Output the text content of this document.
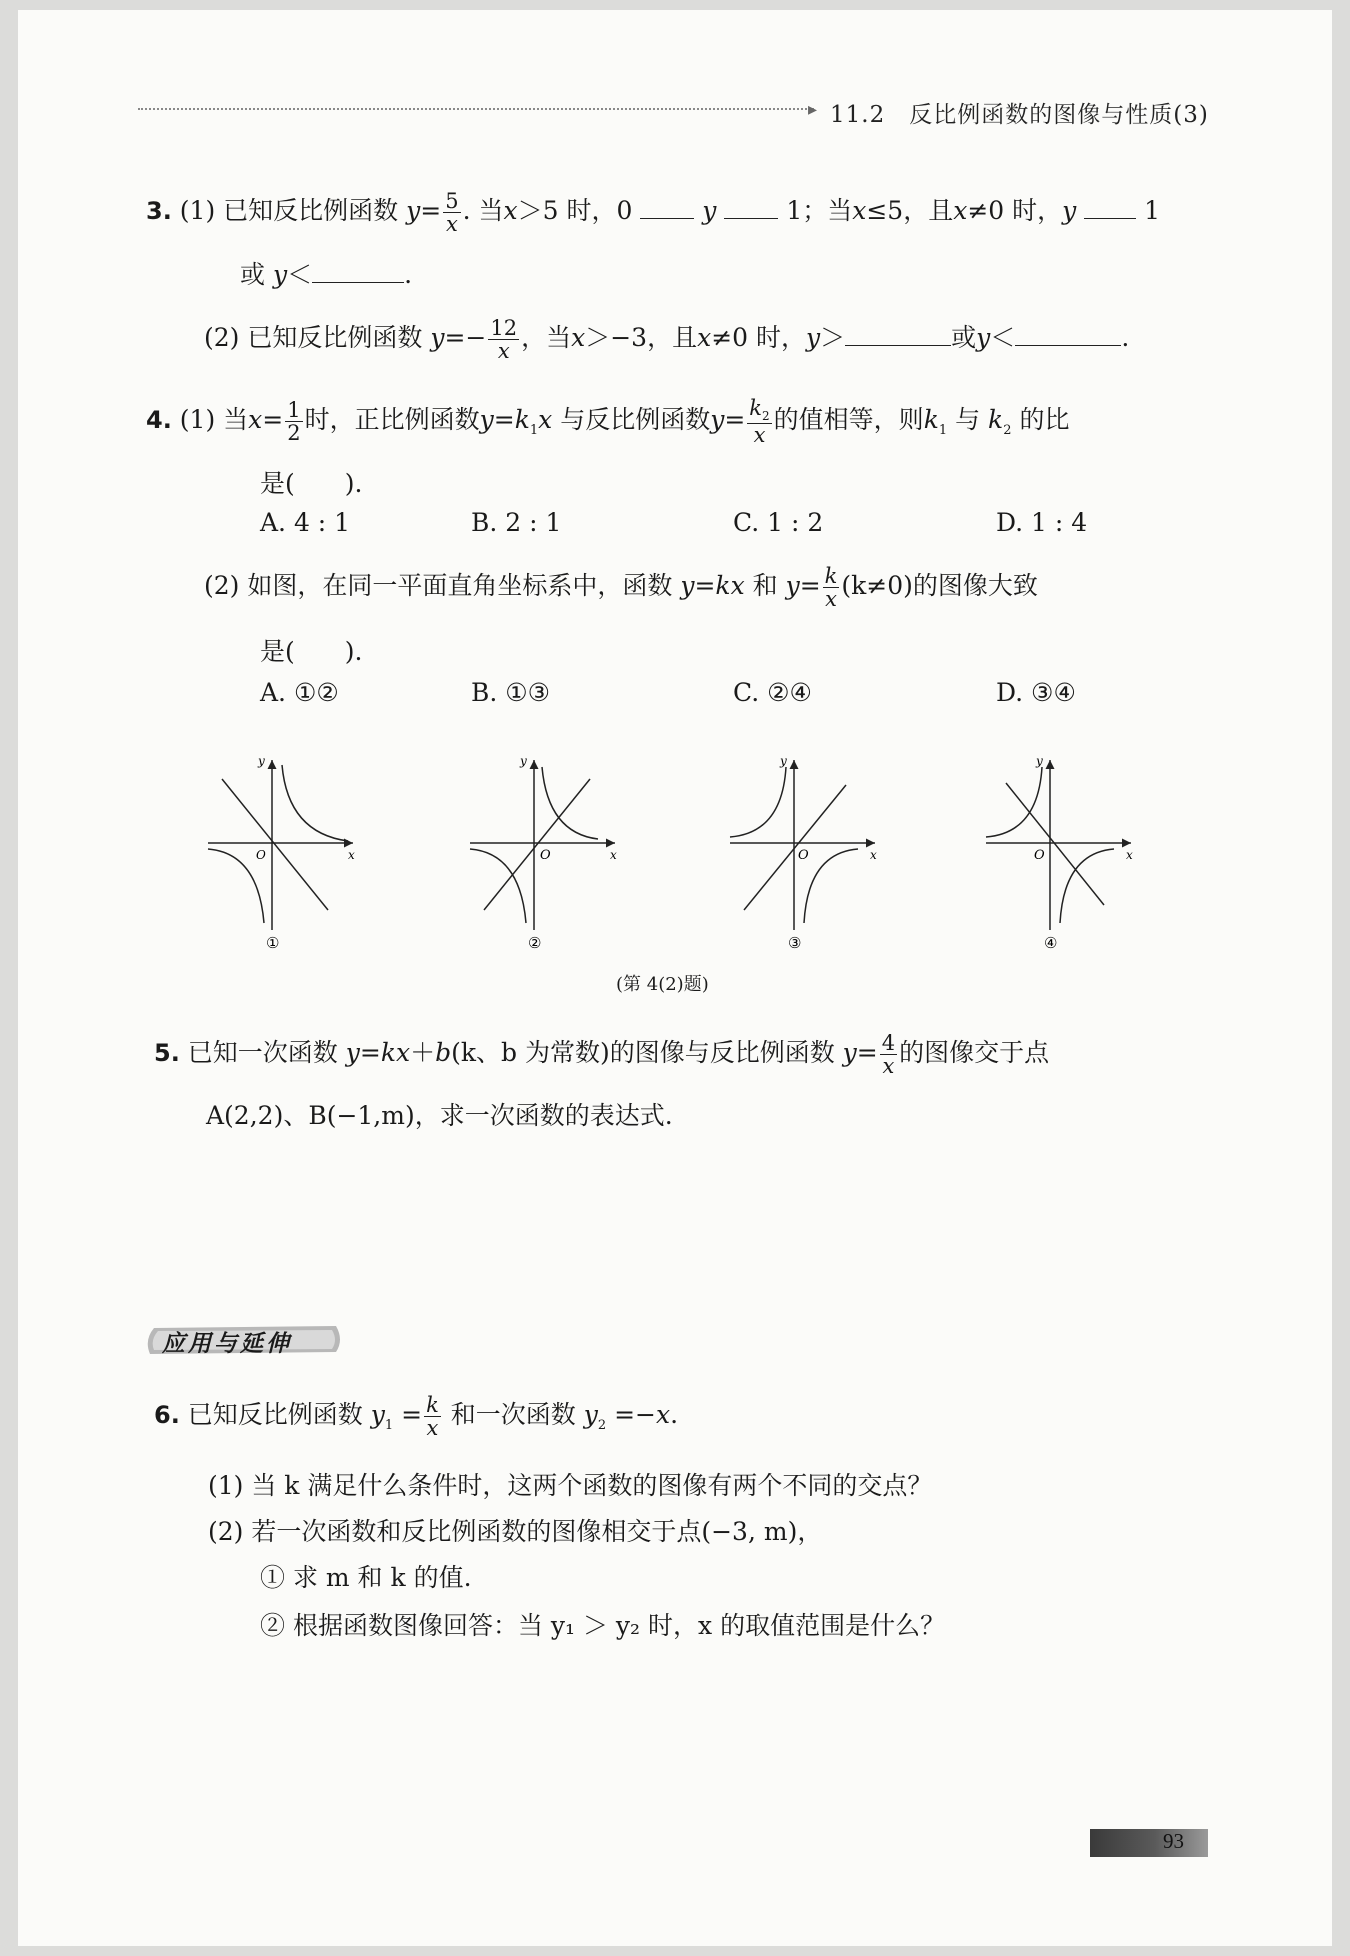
▸ 11.2　 反比例函数的图像与性质(3)
3. (1) 已知反比例函数 $y= \frac{5}{x}$ . 当x＞5 时，0	y	1；当x≤5，且x≠0 时，y	1
或 y＜	.
(2) 已知反比例函数 $y=- \frac{12}{x}$ ，当x＞−3，且x≠0 时，y＞	或y＜	.
4. (1) 当$x= \frac{1}{2}$ 时，正比例函数$y=k_1x$ 与反比例函数$y= \frac{k_2}{x}$ 的值相等，则$k_1$ 与 $k_2$ 的比
是(　　).
A. 4 : 1	B. 2 : 1	C. 1 : 2	D. 1 : 4
(2) 如图，在同一平面直角坐标系中，函数 y=kx 和 $y= \frac{k}{x} (k\ne 0)$的图像大致
是(　　).
A. ①②	B. ①③	C. ②④	D. ③④
y
x
O
①
y
x
O
②
y
x
O
③
y
x
O
④
(第 4(2)题)
5. 已知一次函数 y=kx＋b(k、b 为常数)的图像与反比例函数 $y= \frac{4}{x}$ 的图像交于点
A(2,2)、B(−1,m)，求一次函数的表达式.
应用与延伸
6. 已知反比例函数 $y_1 = \frac{k}{x}$ 和一次函数 $y_2 =-x$.
(1) 当 k 满足什么条件时，这两个函数的图像有两个不同的交点？
(2) 若一次函数和反比例函数的图像相交于点(−3, m)，
① 求 m 和 k 的值.
② 根据函数图像回答：当 y₁ ＞ y₂ 时，x 的取值范围是什么？
93
